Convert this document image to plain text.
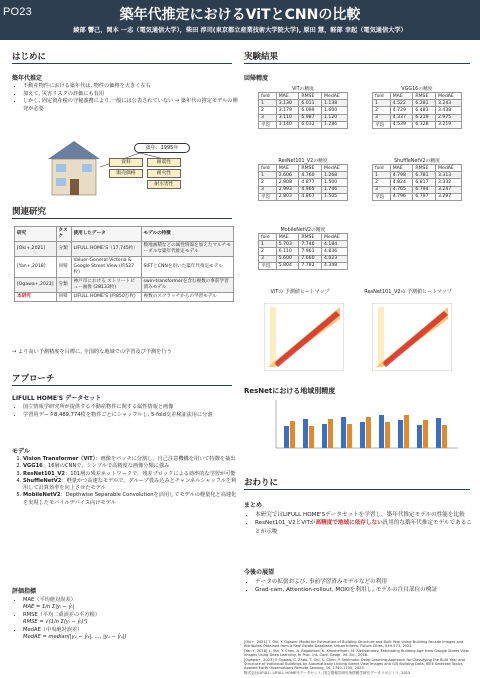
PO23	築年代推定におけるViTとCNNの比較
綾部 響己，岡本 一志（電気通信大学），柴田 淳司(東京都立産業技術大学院大学), 原田 慧，軽部 幸起（電気通信大学）
はじめに
築年代推定
• 不動産物件における築年代は, 物件の価格を大きく左右
• 加えて, 災害リスクの評価にも有用
• しかし, 固定資産税の守秘義務により,一般には公表されていない → 築年代の推定モデルの開発が必要
築年：1995年
資料
販売価格
耐震性
耐火性
耐水害性
関連研究
研究	タスク	使用したデータ	モデルの特徴
[Oki+,2021]	分類	LIFULL HOME'S（17,745枚）	数地画積などの属性情報を加えたマルチモーダルな築年代推定モデル
[Yan+,2018]	回帰	Valuer-General Victoria & Google Street View (約527枚)	SIFTとCNNを用いた築年代推定モデル
[Ogawa+,2023]	分類	神戸市における ストリートビュー画像 (28133枚)	swin-transformerを含む複数の事前学習済みモデル
本研究	回帰	LIFULL HOME'S (約850万枚)	複数のスクラッチからの学習モデル
→ より高い予測精度を目標に, 全国的な地域での学習及び予測を行う
アプローチ
LIFULL HOME'S データセット
• 国立情報学研究所が提供する不動産物件に関する属性情報と画像
• 学習用データ8,489,774枚を物件ごとにシャッフルし, 5-fold交差検証法用に分割
モデル
1. Vision Transformer（ViT）：画像をパッチに分割し，自己注意機構を用いて特徴を抽出
2. VGG16：16層のCNNで，シンプルで高精度な画像分類に強み
3. ResNet101_V2：101層の残差ネットワークで，残差ブロックによる効率的な学習が可能
4. ShuffleNetV2：軽量かつ高速なモデルで，グループ畳み込みとチャンネルシャッフルを利用して計算効率を向上させたモデル
5. MobileNetV2：Depthwise Separable Convolutionを活用してモデルの軽量化と高速化を実現したモバイルデバイス向けモデル
評価指標
• MAE（平均絶対誤差）
MAE = 1/n Σ|yᵢ − ŷᵢ|
• RMSE（平均二乗誤差の平方根）
RMSE = √(1/n Σ(yᵢ − ŷᵢ)²)
• MedAE（中央絶対誤差）
MedAE = median(|y₁ − ŷ₁|, …, |yₙ − ŷₙ|)
実験結果
回帰精度
ViTの精度
fold	MAE	RMSE	MedAE
1	3.130	6.011	1.138
2	3.179	6.099	1.600
3	3.110	5.987	1.120
平均	3.140	6.032	1.286
VGG16の精度
fold	MAE	RMSE	MedAE
1	4.522	6.281	3.243
2	4.729	6.483	3.438
3	4.337	6.219	2.975
平均	4.539	6.328	3.219
ResNet101_V2の精度
fold	MAE	RMSE	MedAE
1	2.606	4.760	1.268
2	2.808	4.877	1.500
3	2.993	4.965	1.746
平均	2.803	4.867	1.505
ShuffleNetV2の精度
fold	MAE	RMSE	MedAE
1	4.798	6.781	3.313
2	4.824	6.817	3.332
3	4.765	6.794	3.247
平均	4.796	6.797	3.297
MobileNetV2の精度
fold	MAE	RMSE	MedAE
1	5.703	7.746	4.184
2	6.110	7.961	4.836
3	5.600	7.660	4.023
平均	5.804	7.782	4.348
ViTの 予測値ヒートマップ	ResNet101_V2の 予測値ヒートマップ
ResNetにおける地域別精度
おわりに
まとめ
• 本研究ではLIFULL HOME'Sデータセットを学習し，築年代推定モデルの性能を比較
• ResNet101_V2とViTが高精度で地域に依存しない汎用的な築年代推定モデルであることが示唆
今後の展望
• データの拡張および, 事前学習済みモデルなどの利用
• Grad-cam, Attention-rollout, MOXIを利用し, モデルの注目部位の検証
[Oki+, 2021] T. Oki, Y. Ogawa: Model for Estimation of Building Structure and Built Year Using Building Facade Images and Attributes Obtained from a Real Estate Database, Urban Inform. Future Cities, 549-573, 2021.
[Yan+, 2018] L. Yan, Y. Chen, A. Rajabifard, K. Khoshelham, M. Aleksandrov: Estimating Building Age from Google Street View Images Using Deep Learning, In Proc. Int. Conf. Geogr. Inf. Sci., 2018.
[Ogawa+, 2023] Y. Ogawa, C. Zhao, T. Oki, S. Chen, Y. Sekimoto: Deep Learning Approach for Classifying the Built Year and Structure of Individual Buildings by Automatically Linking Street View Images and GIS Building Data, IEEE Selected Topics Applied Earth Observations Remote Sensing, 16, 1740-1755, 2023.
株式会社LIFULL: LIFULL HOME'Sデータセット, 国立情報学研究所情報学研究データリポジトリ, 2015.
